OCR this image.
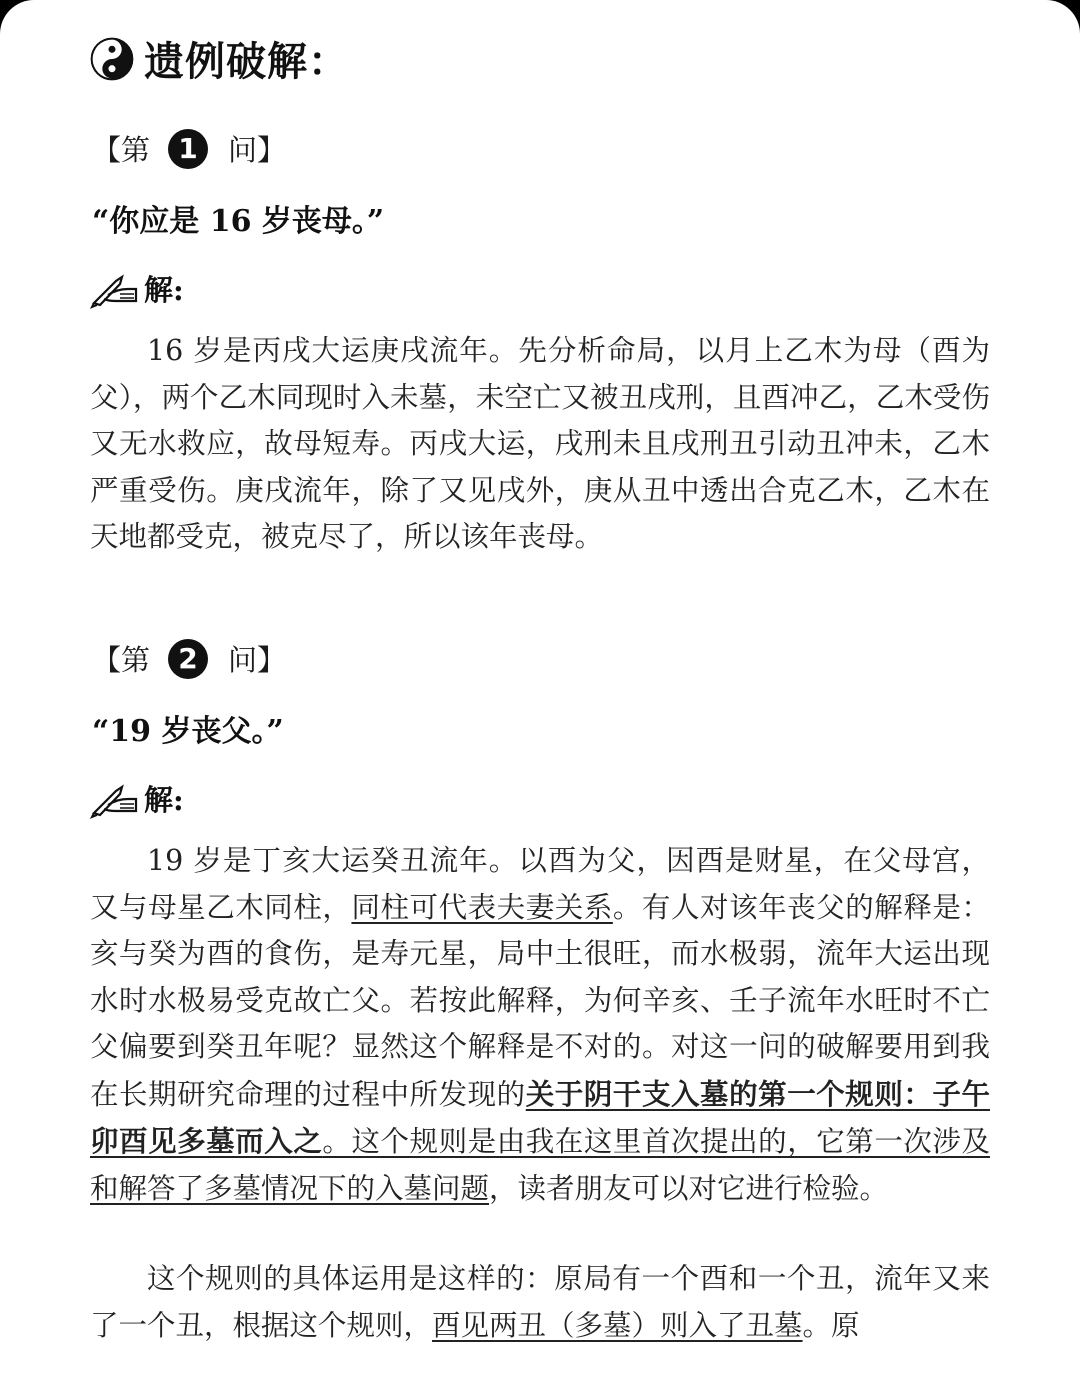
遗例破解：
【第	1	问】
“你应是 16 岁丧母。”
解:

16 岁是丙戌大运庚戌流年。先分析命局，以月上乙木为母（酉为父），两个乙木同现时入未墓，未空亡又被丑戌刑，且酉冲乙，乙木受伤又无水救应，故母短寿。丙戌大运，戌刑未且戌刑丑引动丑冲未，乙木严重受伤。庚戌流年，除了又见戌外，庚从丑中透出合克乙木，乙木在天地都受克，被克尽了，所以该年丧母。

【第	2	问】
“19 岁丧父。”
解:

19 岁是丁亥大运癸丑流年。以酉为父，因酉是财星，在父母宫，又与母星乙木同柱，同柱可代表夫妻关系。有人对该年丧父的解释是：亥与癸为酉的食伤，是寿元星，局中土很旺，而水极弱，流年大运出现水时水极易受克故亡父。若按此解释，为何辛亥、壬子流年水旺时不亡父偏要到癸丑年呢？显然这个解释是不对的。对这一问的破解要用到我在长期研究命理的过程中所发现的关于阴干支入墓的第一个规则：子午卯酉见多墓而入之。这个规则是由我在这里首次提出的，它第一次涉及和解答了多墓情况下的入墓问题，读者朋友可以对它进行检验。

这个规则的具体运用是这样的：原局有一个酉和一个丑，流年又来了一个丑，根据这个规则，酉见两丑（多墓）则入了丑墓。原
